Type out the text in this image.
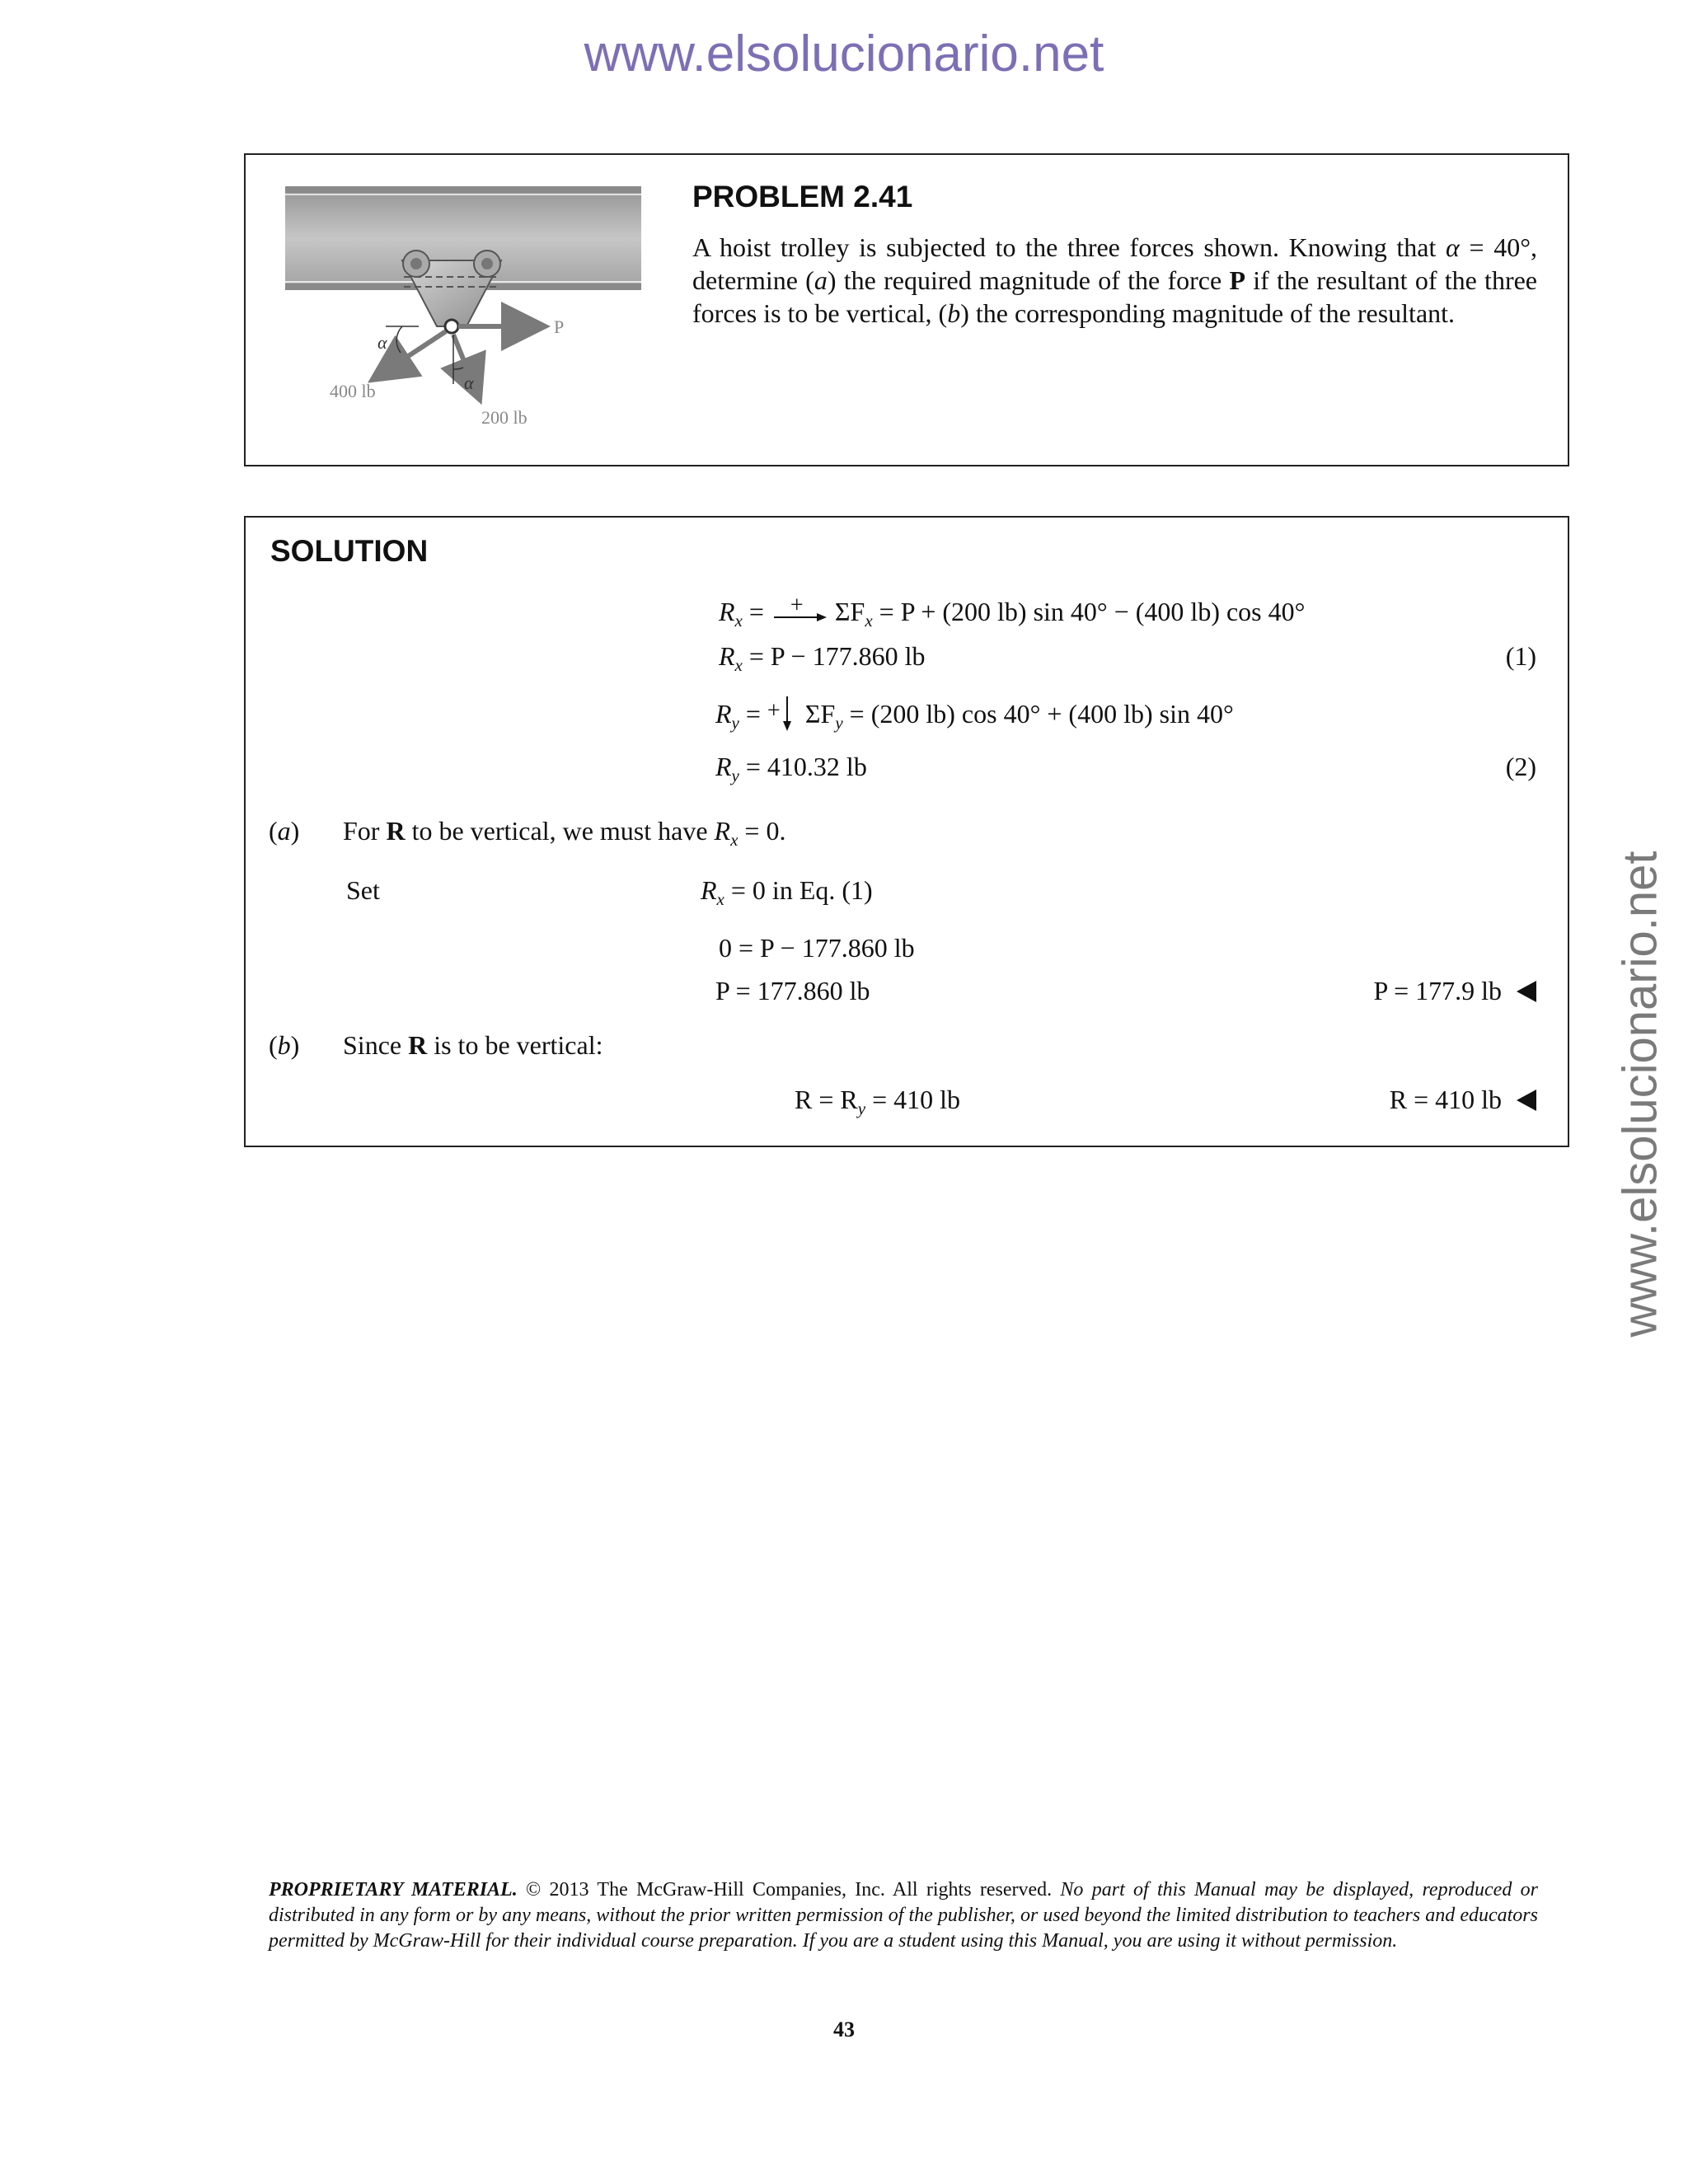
www.elsolucionario.net
www.elsolucionario.net
α
α
P
400 lb
200 lb
PROBLEM 2.41
A hoist trolley is subjected to the three forces shown. Knowing that α = 40°, determine (a) the required magnitude of the force P if the resultant of the three forces is to be vertical, (b) the corresponding magnitude of the resultant.
SOLUTION
$R_x$ = + $\Sigma F_x = P + (200$ lb) sin 40° − (400 lb) cos 40°
$R_x = P - 177.860$ lb	(1)
$R_y$ = + $\Sigma F_y = (200$ lb) cos 40° + (400 lb) sin 40°
$R_y = 410.32$ lb	(2)
(a) For R to be vertical, we must have $R_x = 0$.
Set	$R_x = 0$ in Eq. (1)
0 = P − 177.860 lb
P = 177.860 lb	P = 177.9 lb
(b) Since R is to be vertical:
$R = R_y = 410$ lb	R = 410 lb
PROPRIETARY MATERIAL. © 2013 The McGraw-Hill Companies, Inc. All rights reserved. No part of this Manual may be displayed, reproduced or distributed in any form or by any means, without the prior written permission of the publisher, or used beyond the limited distribution to teachers and educators permitted by McGraw-Hill for their individual course preparation. If you are a student using this Manual, you are using it without permission.
43
